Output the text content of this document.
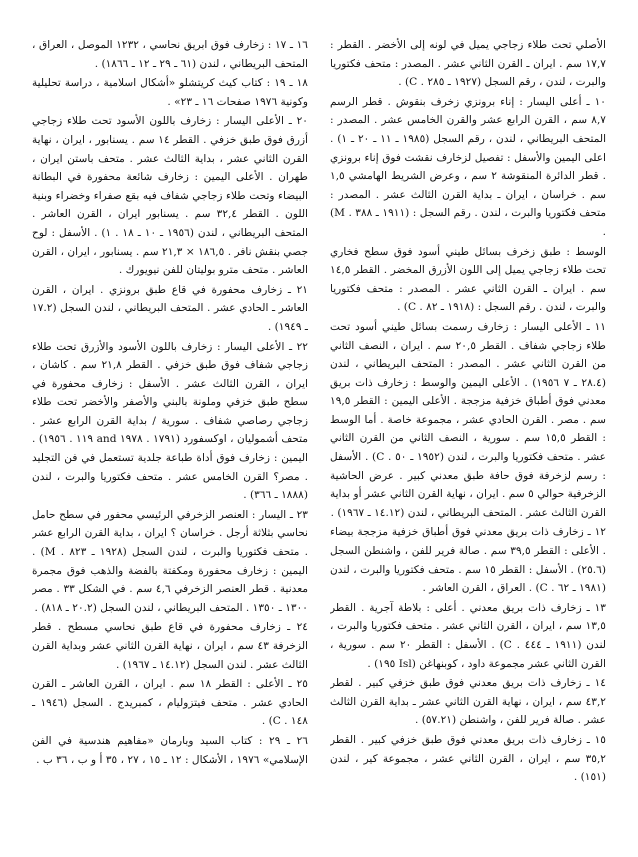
الأصلي تحت طلاء زجاجي يميل في لونه إلى الأخضر . القطر : ١٧,٧ سم . ايران ـ القرن الثاني عشر . المصدر : متحف فكتوريا والبرت ، لندن ، رقم السجل (١٩٢٧ ـ ٢٨٥ . C) .

١٠ ـ أعلى اليسار : إناء برونزي زخرف بنقوش . قطر الرسم ٨,٧ سم ، القرن الرابع عشر والقرن الخامس عشر . المصدر : المتحف البريطاني ، لندن ، رقم السجل (١٩٨٥ ـ ١١ ـ ٢٠ ـ ١) . اعلى اليمين والأسفل : تفصيل لزخارف نقشت فوق إناء برونزي . قطر الدائرة المنقوشة ٢ سم ، وعرض الشريط الهامشي ١,٥ سم . خراسان ، ايران ـ بداية القرن الثالث عشر . المصدر : متحف فكتوريا والبرت ، لندن . رقم السجل : (١٩١١ ـ ٣٨٨ . M) .

الوسط : طبق زخرف بسائل طيني أسود فوق سطح فخاري تحت طلاء زجاجي يميل إلى اللون الأزرق المخضر . القطر ١٤,٥ سم . ايران ـ القرن الثاني عشر . المصدر : متحف فكتوريا والبرت ، لندن . رقم السجل : (١٩١٨ ـ ٨٢ . C) .

١١ ـ الأعلى اليسار : زخارف رسمت بسائل طيني أسود تحت طلاء زجاجي شفاف . القطر ٢٠,٥ سم . ايران ، النصف الثاني من القرن الثاني عشر . المصدر : المتحف البريطاني ، لندن (٢٨.٤ ـ ٧ ١٩٥٦) . الأعلى اليمين والوسط : زخارف ذات بريق معدني فوق أطباق خزفية مزججة . الأعلى اليمين : القطر ١٩,٥ سم . مصر . القرن الحادي عشر ، مجموعة خاصة . أما الوسط : القطر ١٥,٥ سم . سورية ، النصف الثاني من القرن الثاني عشر . متحف فكتوريا والبرت ، لندن (١٩٥٢ ـ ٥٠ . C) . الأسفل : رسم لزخرفة فوق حافة طبق معدني كبير . عرض الحاشية الزخرفية حوالي ٥ سم . ايران ، نهاية القرن الثاني عشر أو بداية القرن الثالث عشر . المتحف البريطاني ، لندن (١٤.١٢ ـ ١٩٦٧) .

١٢ ـ زخارف ذات بريق معدني فوق أطباق خزفية مزججة بيضاء . الأعلى : القطر ٣٩,٥ سم . صالة فرير للفن ، واشنطن السجل (٢٥.٦) . الأسفل : القطر ١٥ سم . متحف فكتوريا والبرت ، لندن (١٩٨١ ـ ٦٢ . C) . العراق ، القرن العاشر .

١٣ ـ زخارف ذات بريق معدني . أعلى : بلاطة آجرية . القطر ١٣,٥ سم ، ايران ، القرن الثاني عشر . متحف فكتوريا والبرت ، لندن (١٩١١ ـ ٤٤٤ . C) . الأسفل : القطر ٢٠ سم . سورية ، القرن الثاني عشر مجموعة داود ، كوبنهاغن (Isl ١٩٥) .

١٤ ـ زخارف ذات بريق معدني فوق طبق خزفي كبير . لقطر ٤٣,٢ سم ، ايران ، نهاية القرن الثاني عشر ـ بداية القرن الثالث عشر . صالة فرير للفن ، واشنطن (٥٧.٢١) .

١٥ ـ زخارف ذات بريق معدني فوق طبق خزفي كبير . القطر ٣٥,٢ سم ، ايران ، القرن الثاني عشر ، مجموعة كير ، لندن (١٥١) .

١٦ ـ ١٧ : زخارف فوق ابريق نحاسي ، ١٢٣٢ الموصل ، العراق ، المتحف البريطاني ، لندن (٦١ ـ ٢٩ ـ ١٢ ـ ١٨٦٦) .

١٨ ـ ١٩ : كتاب كيث كريتشلو «أشكال اسلامية ، دراسة تحليلية وكونية ١٩٧٦ صفحات ١٦ ـ ٢٣» .

٢٠ ـ الأعلى اليسار : زخارف باللون الأسود تحت طلاء زجاجي أزرق فوق طبق خزفي . القطر ١٤ سم . يسنابور ، ايران ، نهاية القرن الثاني عشر ، بداية الثالث عشر . متحف باستن ايران ، طهران . الأعلى اليمين : زخارف شائعة محفورة في البطانة البيضاء وتحت طلاء زجاجي شفاف فيه بقع صفراء وخضراء وبنية اللون . القطر ٣٢,٤ سم . يسنابور ايران ، القرن العاشر . المتحف البريطاني ، لندن (١٩٥٦ ـ ١٠ ـ ١٨ . ١) . الأسفل : لوح جصي بنقش نافر . ١٨٦,٥ × ٢١,٣ سم . يسنابور ، ايران ، القرن العاشر . متحف مترو بوليتان للفن نيويورك .

٢١ ـ زخارف محفورة في قاع طبق برونزي . ايران ، القرن العاشر ـ الحادي عشر . المتحف البريطاني ، لندن السجل (١٧.٢ ـ ١٩٤٩) .

٢٢ ـ الأعلى اليسار : زخارف باللون الأسود والأزرق تحت طلاء زجاجي شفاف فوق طبق خزفي . القطر ٢١,٨ سم . كاشان ، ايران ، القرن الثالث عشر . الأسفل : زخارف محفورة في سطح طبق خزفي وملونة بالبني والأصفر والأخضر تحت طلاء زجاجي رصاصي شفاف . سورية / بداية القرن الرابع عشر . متحف أشموليان ، اوكسفورد (١٧٩١ . ١٩٧٨ and ١١٩ . ١٩٥٦) . اليمين : زخارف فوق أداة طباعة جلدية تستعمل في فن التجليد . مصر؟ القرن الخامس عشر . متحف فكتوريا والبرت ، لندن (١٨٨٨ ـ ٣٦٦) .

٢٣ ـ اليسار : العنصر الزخرفي الرئيسي محفور في سطح حامل نحاسي بثلاثة أرجل . خراسان ؟ ايران ، بداية القرن الرابع عشر . متحف فكتوريا والبرت ، لندن السجل (١٩٢٨ ـ ٨٢٣ . M) . اليمين : زخارف محفورة ومكفتة بالفضة والذهب فوق مجمرة معدنية . قطر العنصر الزخرفي ٤,٦ سم . في الشكل ٣٣ . مصر ١٣٠٠ ـ ١٣٥٠ . المتحف البريطاني ، لندن السجل (٢٠.٢ ـ ٨١٨) .

٢٤ ـ زخارف محفورة في قاع طبق نحاسي مسطح . قطر الزخرفة ٤٣ سم ، ايران ، نهاية القرن الثاني عشر وبداية القرن الثالث عشر . لندن السجل (١٤.١٢ ـ ١٩٦٧) .

٢٥ ـ الأعلى : القطر ١٨ سم . ايران ، القرن العاشر ـ القرن الحادي عشر . متحف فيتزوليام ، كمبريدج . السجل (١٩٤٦ ـ ١٤٨ . C) .

٢٦ ـ ٢٩ : كتاب السيد وبارمان «مفاهيم هندسية في الفن الإسلامي» ١٩٧٦ ، الأشكال : ١٢ ـ ١٥ ، ٢٧ ، ٣٥ أ و ب ، ٣٦ ب .
